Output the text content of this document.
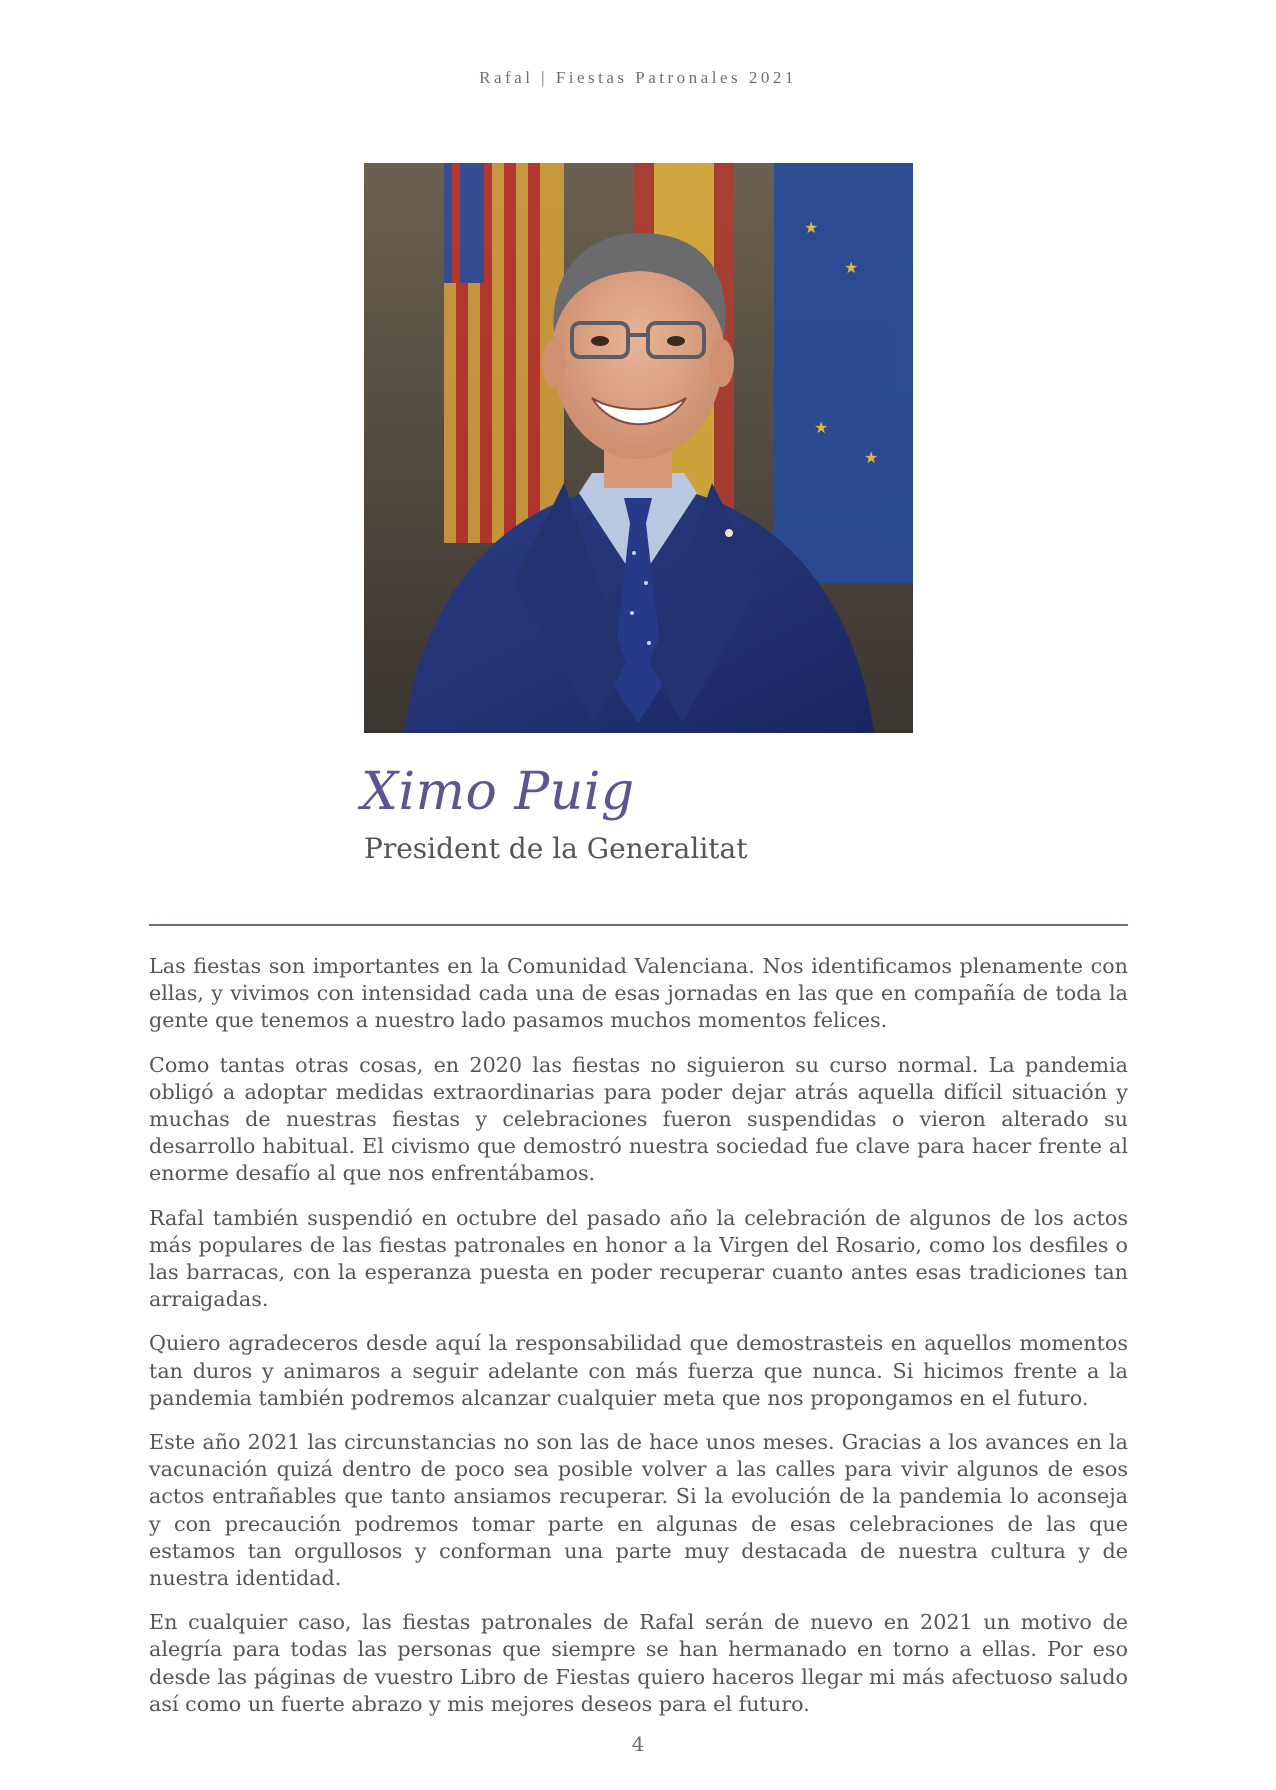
Rafal | Fiestas Patronales 2021
★
★
★
★
Ximo Puig
President de la Generalitat

Las fiestas son importantes en la Comunidad Valenciana. Nos identificamos plenamente con ellas, y vivimos con intensidad cada una de esas jornadas en las que en compañía de toda la gente que tenemos a nuestro lado pasamos muchos momentos felices.

Como tantas otras cosas, en 2020 las fiestas no siguieron su curso normal. La pandemia obligó a adoptar medidas extraordinarias para poder dejar atrás aquella difícil situación y muchas de nuestras fiestas y celebraciones fueron suspendidas o vieron alterado su desarrollo habitual. El civismo que demostró nuestra sociedad fue clave para hacer frente al enorme desafío al que nos enfrentábamos.

Rafal también suspendió en octubre del pasado año la celebración de algunos de los actos más populares de las fiestas patronales en honor a la Virgen del Rosario, como los desfiles o las barracas, con la esperanza puesta en poder recuperar cuanto antes esas tradiciones tan arraigadas.

Quiero agradeceros desde aquí la responsabilidad que demostrasteis en aquellos momentos tan duros y animaros a seguir adelante con más fuerza que nunca. Si hicimos frente a la pandemia también podremos alcanzar cualquier meta que nos propongamos en el futuro.

Este año 2021 las circunstancias no son las de hace unos meses. Gracias a los avances en la vacunación quizá dentro de poco sea posible volver a las calles para vivir algunos de esos actos entrañables que tanto ansiamos recuperar. Si la evolución de la pandemia lo aconseja y con precaución podremos tomar parte en algunas de esas celebraciones de las que estamos tan orgullosos y conforman una parte muy destacada de nuestra cultura y de nuestra identidad.

En cualquier caso, las fiestas patronales de Rafal serán de nuevo en 2021 un motivo de alegría para todas las personas que siempre se han hermanado en torno a ellas. Por eso desde las páginas de vuestro Libro de Fiestas quiero haceros llegar mi más afectuoso saludo así como un fuerte abrazo y mis mejores deseos para el futuro.

4
